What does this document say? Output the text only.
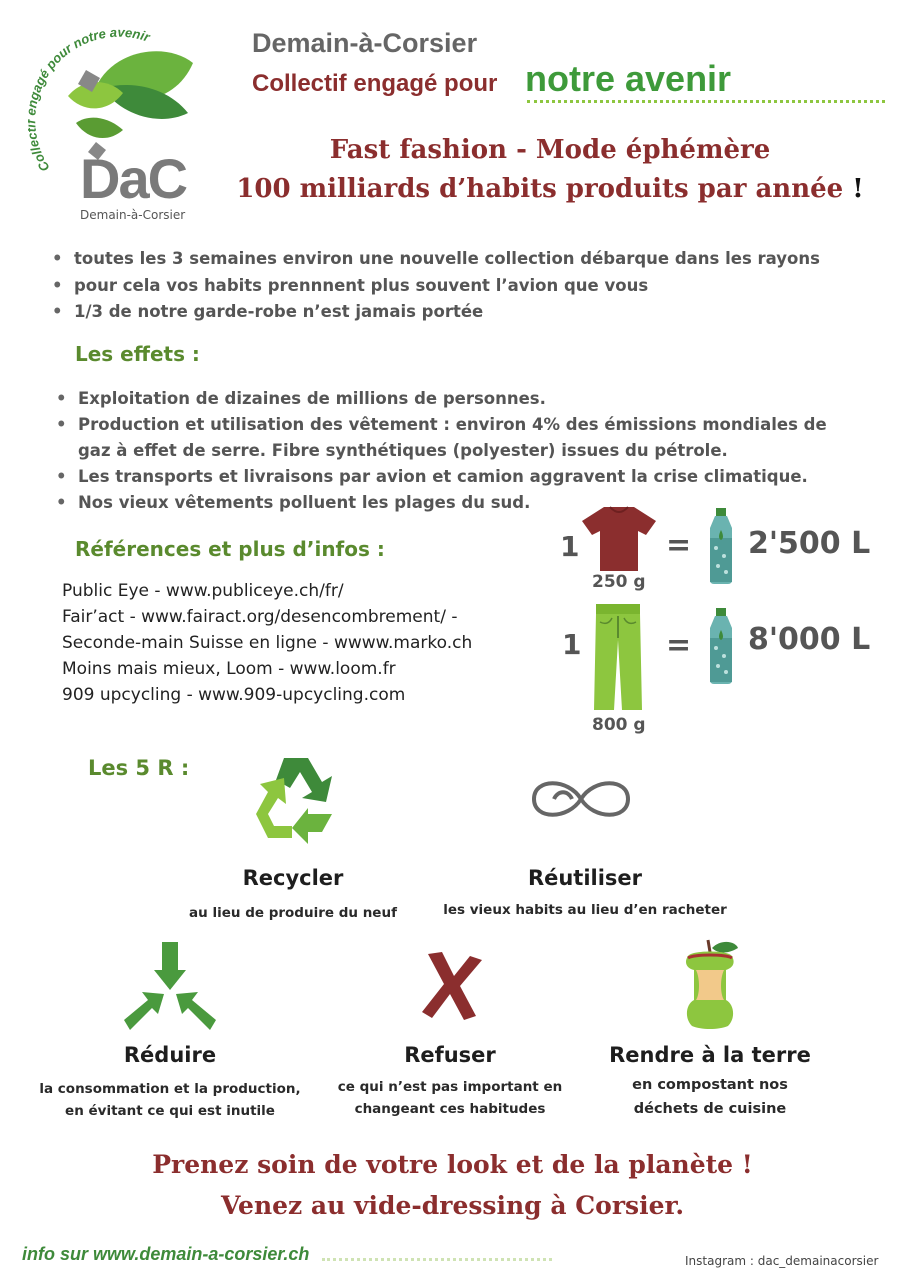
Coll agé pour notre avenir
DaC
Demain-à-Corsier
Demain-à-Corsier
Collectif engagé pour notre avenir
Fast fashion - Mode éphémère
100 milliards d’habits produits par année !
• toutes les 3 semaines environ une nouvelle collection débarque dans les rayons
• pour cela vos habits prennnent plus souvent l’avion que vous
• 1/3 de notre garde-robe n’est jamais portée
Les effets :
• Exploitation de dizaines de millions de personnes.
• Production et utilisation des vêtement : environ 4% des émissions mondiales de gaz à effet de serre. Fibre synthétiques (polyester) issues du pétrole.
• Les transports et livraisons par avion et camion aggravent la crise climatique.
• Nos vieux vêtements polluent les plages du sud.
Références et plus d’infos :
Public Eye - www.publiceye.ch/fr/
Fair’act - www.fairact.org/desencombrement/ -
Seconde-main Suisse en ligne - wwww.marko.ch
Moins mais mieux, Loom - www.loom.fr
909 upcycling - www.909-upcycling.com
1
250 g
= 2'500 L
1
800 g
= 8'000 L
Les 5 R :
Recycler
au lieu de produire du neuf
Réutiliser
les vieux habits au lieu d’en racheter
Réduire
la consommation et la production,
en évitant ce qui est inutile
Refuser
ce qui n’est pas important en
changeant ces habitudes
Rendre à la terre
en compostant nos
déchets de cuisine
Prenez soin de votre look et de la planète !
Venez au vide-dressing à Corsier.
info sur www.demain-a-corsier.ch	Instagram : dac_demainacorsier
